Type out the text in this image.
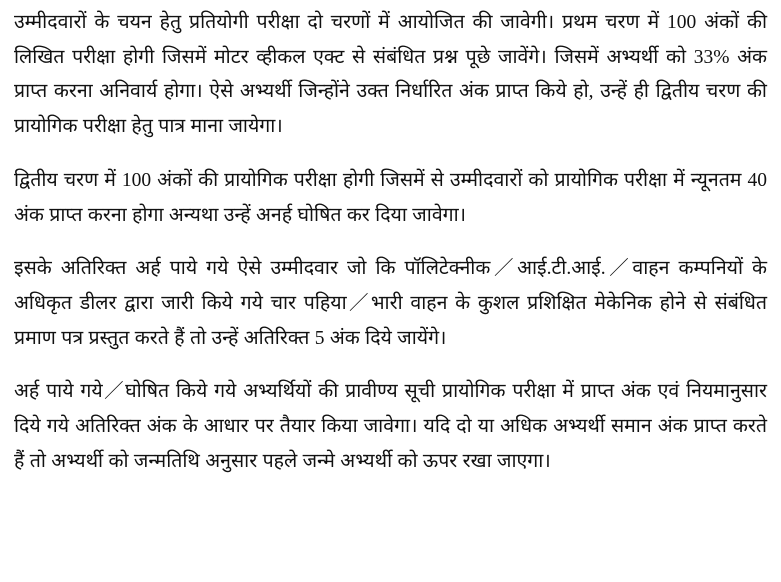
उम्मीदवारों के चयन हेतु प्रतियोगी परीक्षा दो चरणों में आयोजित की जावेगी। प्रथम चरण में 100 अंकों की लिखित परीक्षा होगी जिसमें मोटर व्हीकल एक्ट से संबंधित प्रश्न पूछे जावेंगे। जिसमें अभ्यर्थी को 33% अंक प्राप्त करना अनिवार्य होगा। ऐसे अभ्यर्थी जिन्होंने उक्त निर्धारित अंक प्राप्त किये हो, उन्हें ही द्वितीय चरण की प्रायोगिक परीक्षा हेतु पात्र माना जायेगा।

द्वितीय चरण में 100 अंकों की प्रायोगिक परीक्षा होगी जिसमें से उम्मीदवारों को प्रायोगिक परीक्षा में न्यूनतम 40 अंक प्राप्त करना होगा अन्यथा उन्हें अनर्ह घोषित कर दिया जावेगा।

इसके अतिरिक्त अर्ह पाये गये ऐसे उम्मीदवार जो कि पॉलिटेक्नीक／आई.टी.आई.／वाहन कम्पनियों के अधिकृत डीलर द्वारा जारी किये गये चार पहिया／भारी वाहन के कुशल प्रशिक्षित मेकेनिक होने से संबंधित प्रमाण पत्र प्रस्तुत करते हैं तो उन्हें अतिरिक्त 5 अंक दिये जायेंगे।

अर्ह पाये गये／घोषित किये गये अभ्यर्थियों की प्रावीण्य सूची प्रायोगिक परीक्षा में प्राप्त अंक एवं नियमानुसार दिये गये अतिरिक्त अंक के आधार पर तैयार किया जावेगा। यदि दो या अधिक अभ्यर्थी समान अंक प्राप्त करते हैं तो अभ्यर्थी को जन्मतिथि अनुसार पहले जन्मे अभ्यर्थी को ऊपर रखा जाएगा।
